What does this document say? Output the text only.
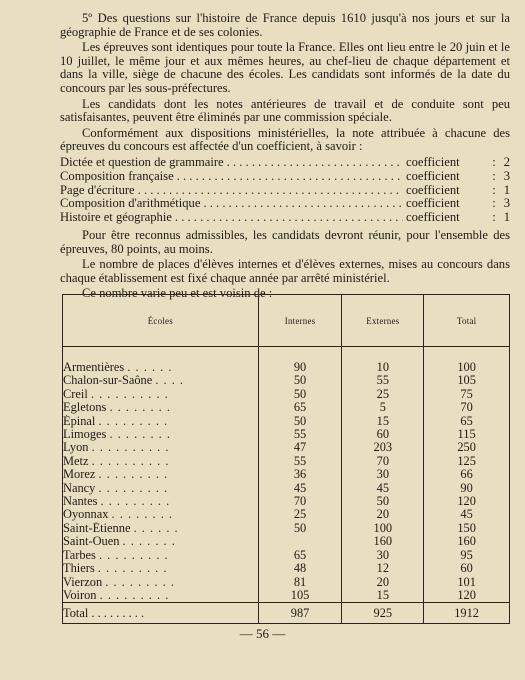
5º Des questions sur l'histoire de France depuis 1610 jusqu'à nos jours et sur la géographie de France et de ses colonies.

Les épreuves sont identiques pour toute la France. Elles ont lieu entre le 20 juin et le 10 juillet, le même jour et aux mêmes heures, au chef-lieu de chaque département et dans la ville, siège de chacune des écoles. Les candidats sont informés de la date du concours par les sous-préfectures.

Les candidats dont les notes antérieures de travail et de conduite sont peu satisfaisantes, peuvent être éliminés par une commission spéciale.

Conformément aux dispositions ministérielles, la note attribuée à chacune des épreuves du concours est affectée d'un coefficient, à savoir :

Dictée et question de grammaire . . .	coefficient	: 2
Composition française . . .	coefficient	: 3
Page d'écriture . . .	coefficient	: 1
Composition d'arithmétique . . .	coefficient	: 3
Histoire et géographie . . .	coefficient	: 1

Pour être reconnus admissibles, les candidats devront réunir, pour l'ensemble des épreuves, 80 points, au moins.

Le nombre de places d'élèves internes et d'élèves externes, mises au concours dans chaque établissement est fixé chaque année par arrêté ministériel.

Ce nombre varie peu et est voisin de :

Écoles	Internes	Externes	Total

Armentières . . . . . .	90	10	100
Chalon-sur-Saône . . . .	50	55	105
Creil . . . . . . . . . .	50	25	75
Egletons . . . . . . . .	65	5	70
Épinal . . . . . . . . .	50	15	65
Limoges . . . . . . . .	55	60	115
Lyon . . . . . . . . . .	47	203	250
Metz . . . . . . . . . .	55	70	125
Morez . . . . . . . . .	36	30	66
Nancy . . . . . . . . .	45	45	90
Nantes . . . . . . . . .	70	50	120
Oyonnax . . . . . . . .	25	20	45
Saint-Étienne . . . . . .	50	100	150
Saint-Ouen . . . . . . .		160	160
Tarbes . . . . . . . . .	65	30	95
Thiers . . . . . . . . .	48	12	60
Vierzon . . . . . . . . .	81	20	101
Voiron . . . . . . . . .	105	15	120
Total . . . . . . . . .	987	925	1912
— 56 —
